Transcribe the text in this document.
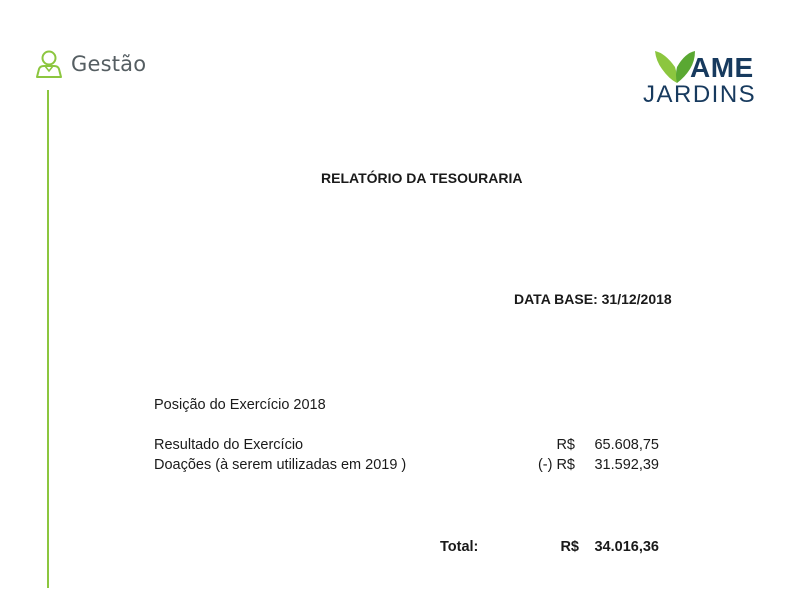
Gestão	AME
JARDINS
RELATÓRIO DA TESOURARIA
DATA BASE: 31/12/2018
Posição do Exercício 2018
Resultado do Exercício	R$ 65.608,75
Doações (à serem utilizadas em 2019 )	(-) R$ 31.592,39
Total:	R$ 34.016,36
